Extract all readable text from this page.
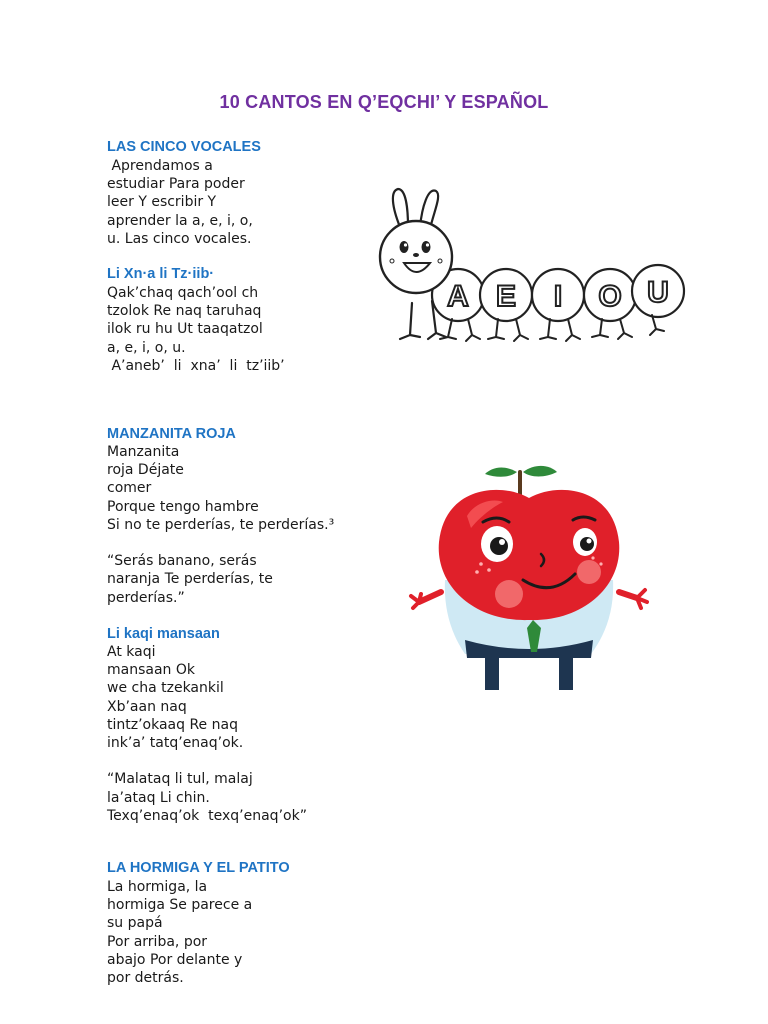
10 CANTOS EN Q’EQCHI’ Y ESPAÑOL
LAS CINCO VOCALES
Aprendamos a
estudiar Para poder
leer Y escribir Y
aprender la a, e, i, o,
u. Las cinco vocales.
Li Xn·a li Tz·iib·
Qak’chaq qach’ool ch
tzolok Re naq taruhaq
ilok ru hu Ut taaqatzol
a, e, i, o, u.
A’aneb’  li  xna’  li  tz’iib’
MANZANITA ROJA
Manzanita
roja Déjate
comer
Porque tengo hambre
Si no te perderías, te perderías.³

“Serás banano, serás
naranja Te perderías, te
perderías.”
Li kaqi mansaan
At kaqi
mansaan Ok
we cha tzekankil
Xb’aan naq
tintz’okaaq Re naq
ink’a’ tatq’enaq’ok.

“Malataq li tul, malaj
la’ataq Li chin.
Texq’enaq’ok  texq’enaq’ok”
LA HORMIGA Y EL PATITO
La hormiga, la
hormiga Se parece a
su papá
Por arriba, por
abajo Por delante y
por detrás.
A E I O U
